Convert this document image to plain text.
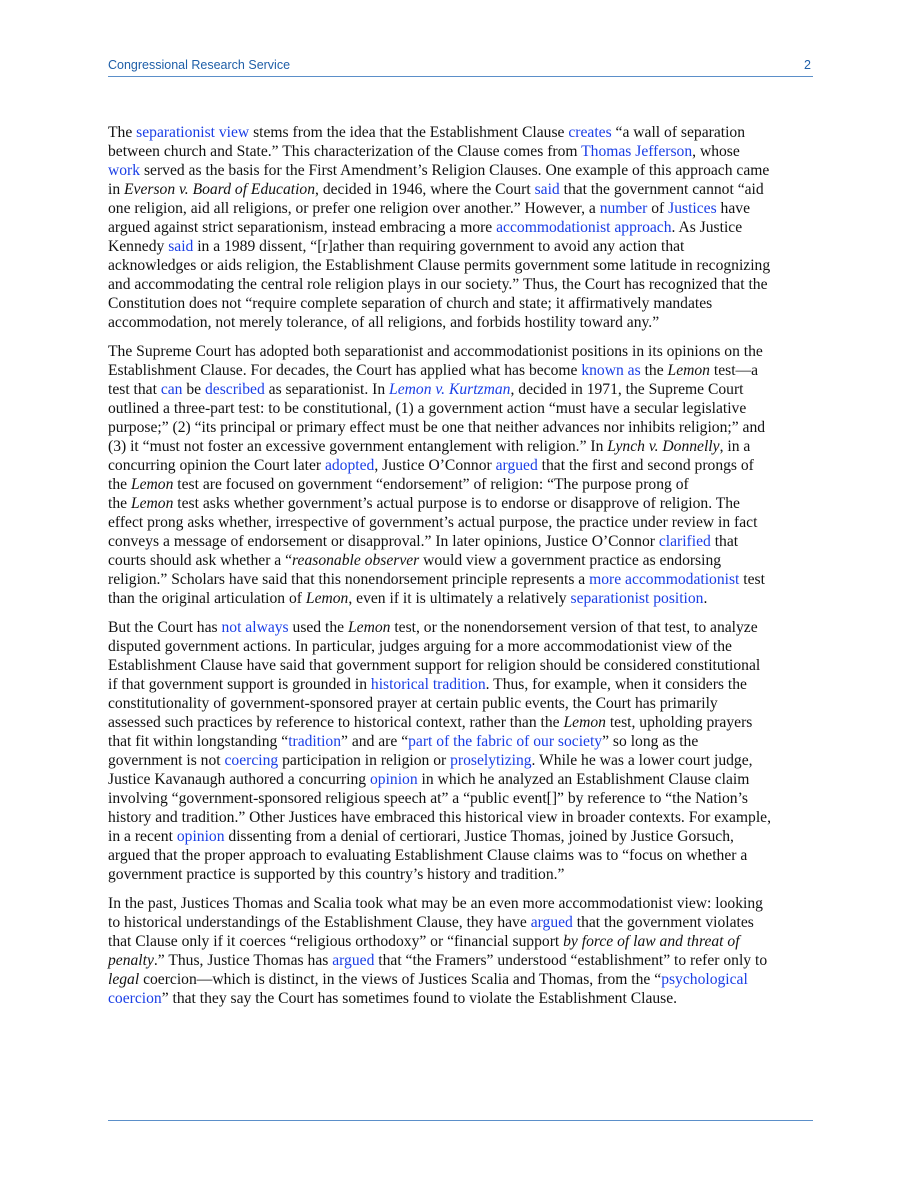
Congressional Research Service	2
The separationist view stems from the idea that the Establishment Clause creates “a wall of separation
between church and State.” This characterization of the Clause comes from Thomas Jefferson, whose
work served as the basis for the First Amendment’s Religion Clauses. One example of this approach came
in Everson v. Board of Education, decided in 1946, where the Court said that the government cannot “aid
one religion, aid all religions, or prefer one religion over another.” However, a number of Justices have
argued against strict separationism, instead embracing a more accommodationist approach. As Justice
Kennedy said in a 1989 dissent, “[r]ather than requiring government to avoid any action that
acknowledges or aids religion, the Establishment Clause permits government some latitude in recognizing
and accommodating the central role religion plays in our society.” Thus, the Court has recognized that the
Constitution does not “require complete separation of church and state; it affirmatively mandates
accommodation, not merely tolerance, of all religions, and forbids hostility toward any.”
The Supreme Court has adopted both separationist and accommodationist positions in its opinions on the
Establishment Clause. For decades, the Court has applied what has become known as the Lemon test—a
test that can be described as separationist. In Lemon v. Kurtzman, decided in 1971, the Supreme Court
outlined a three-part test: to be constitutional, (1) a government action “must have a secular legislative
purpose;” (2) “its principal or primary effect must be one that neither advances nor inhibits religion;” and
(3) it “must not foster an excessive government entanglement with religion.” In Lynch v. Donnelly, in a
concurring opinion the Court later adopted, Justice O’Connor argued that the first and second prongs of
the Lemon test are focused on government “endorsement” of religion: “The purpose prong of
the Lemon test asks whether government’s actual purpose is to endorse or disapprove of religion. The
effect prong asks whether, irrespective of government’s actual purpose, the practice under review in fact
conveys a message of endorsement or disapproval.” In later opinions, Justice O’Connor clarified that
courts should ask whether a “reasonable observer would view a government practice as endorsing
religion.” Scholars have said that this nonendorsement principle represents a more accommodationist test
than the original articulation of Lemon, even if it is ultimately a relatively separationist position.
But the Court has not always used the Lemon test, or the nonendorsement version of that test, to analyze
disputed government actions. In particular, judges arguing for a more accommodationist view of the
Establishment Clause have said that government support for religion should be considered constitutional
if that government support is grounded in historical tradition. Thus, for example, when it considers the
constitutionality of government-sponsored prayer at certain public events, the Court has primarily
assessed such practices by reference to historical context, rather than the Lemon test, upholding prayers
that fit within longstanding “tradition” and are “part of the fabric of our society” so long as the
government is not coercing participation in religion or proselytizing. While he was a lower court judge,
Justice Kavanaugh authored a concurring opinion in which he analyzed an Establishment Clause claim
involving “government-sponsored religious speech at” a “public event[]” by reference to “the Nation’s
history and tradition.” Other Justices have embraced this historical view in broader contexts. For example,
in a recent opinion dissenting from a denial of certiorari, Justice Thomas, joined by Justice Gorsuch,
argued that the proper approach to evaluating Establishment Clause claims was to “focus on whether a
government practice is supported by this country’s history and tradition.”
In the past, Justices Thomas and Scalia took what may be an even more accommodationist view: looking
to historical understandings of the Establishment Clause, they have argued that the government violates
that Clause only if it coerces “religious orthodoxy” or “financial support by force of law and threat of
penalty.” Thus, Justice Thomas has argued that “the Framers” understood “establishment” to refer only to
legal coercion—which is distinct, in the views of Justices Scalia and Thomas, from the “psychological
coercion” that they say the Court has sometimes found to violate the Establishment Clause.
